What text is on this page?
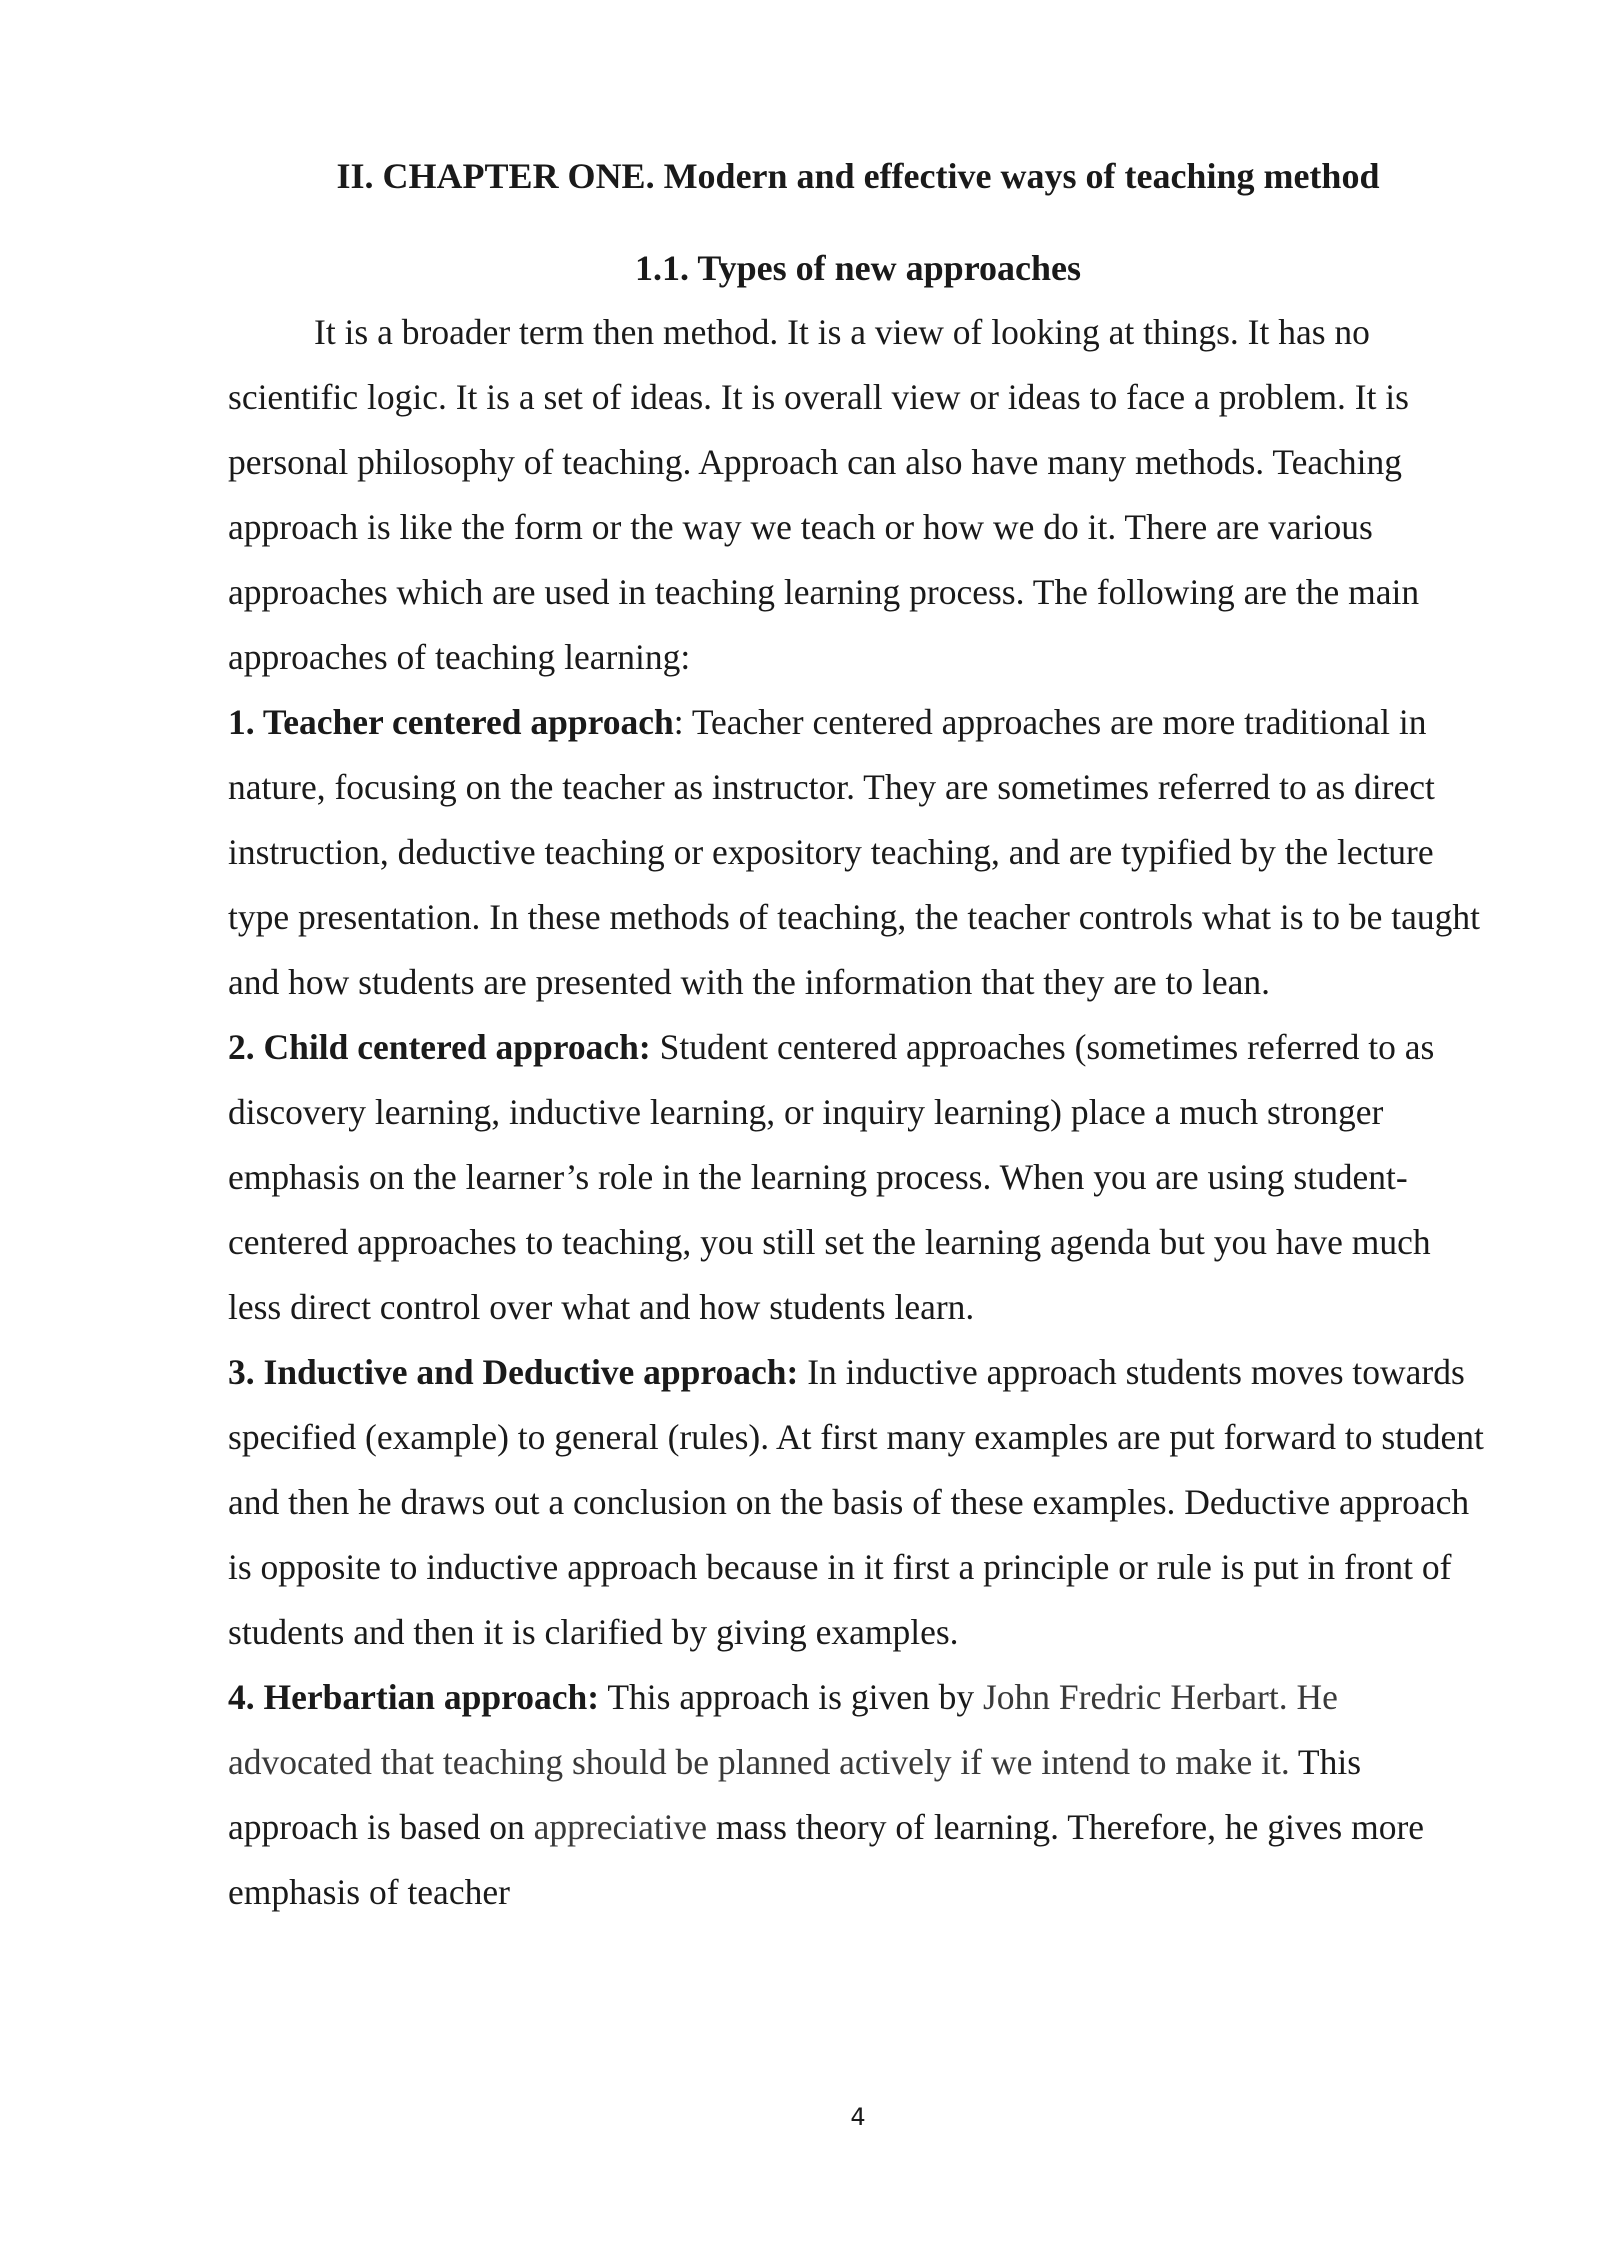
II. CHAPTER ONE. Modern and effective ways of teaching method
1.1. Types of new approaches

It is a broader term then method. It is a view of looking at things. It has no scientific logic. It is a set of ideas. It is overall view or ideas to face a problem. It is personal philosophy of teaching. Approach can also have many methods. Teaching approach is like the form or the way we teach or how we do it. There are various approaches which are used in teaching learning process. The following are the main approaches of teaching learning:

1. Teacher centered approach: Teacher centered approaches are more traditional in nature, focusing on the teacher as instructor. They are sometimes referred to as direct instruction, deductive teaching or expository teaching, and are typified by the lecture type presentation. In these methods of teaching, the teacher controls what is to be taught and how students are presented with the information that they are to lean.

2. Child centered approach: Student centered approaches (sometimes referred to as discovery learning, inductive learning, or inquiry learning) place a much stronger emphasis on the learner’s role in the learning process. When you are using student- centered approaches to teaching, you still set the learning agenda but you have much less direct control over what and how students learn.

3. Inductive and Deductive approach: In inductive approach students moves towards specified (example) to general (rules). At first many examples are put forward to student and then he draws out a conclusion on the basis of these examples. Deductive approach is opposite to inductive approach because in it first a principle or rule is put in front of students and then it is clarified by giving examples.

4. Herbartian approach: This approach is given by John Fredric Herbart. He advocated that teaching should be planned actively if we intend to make it. This approach is based on appreciative mass theory of learning. Therefore, he gives more emphasis of teacher

4
